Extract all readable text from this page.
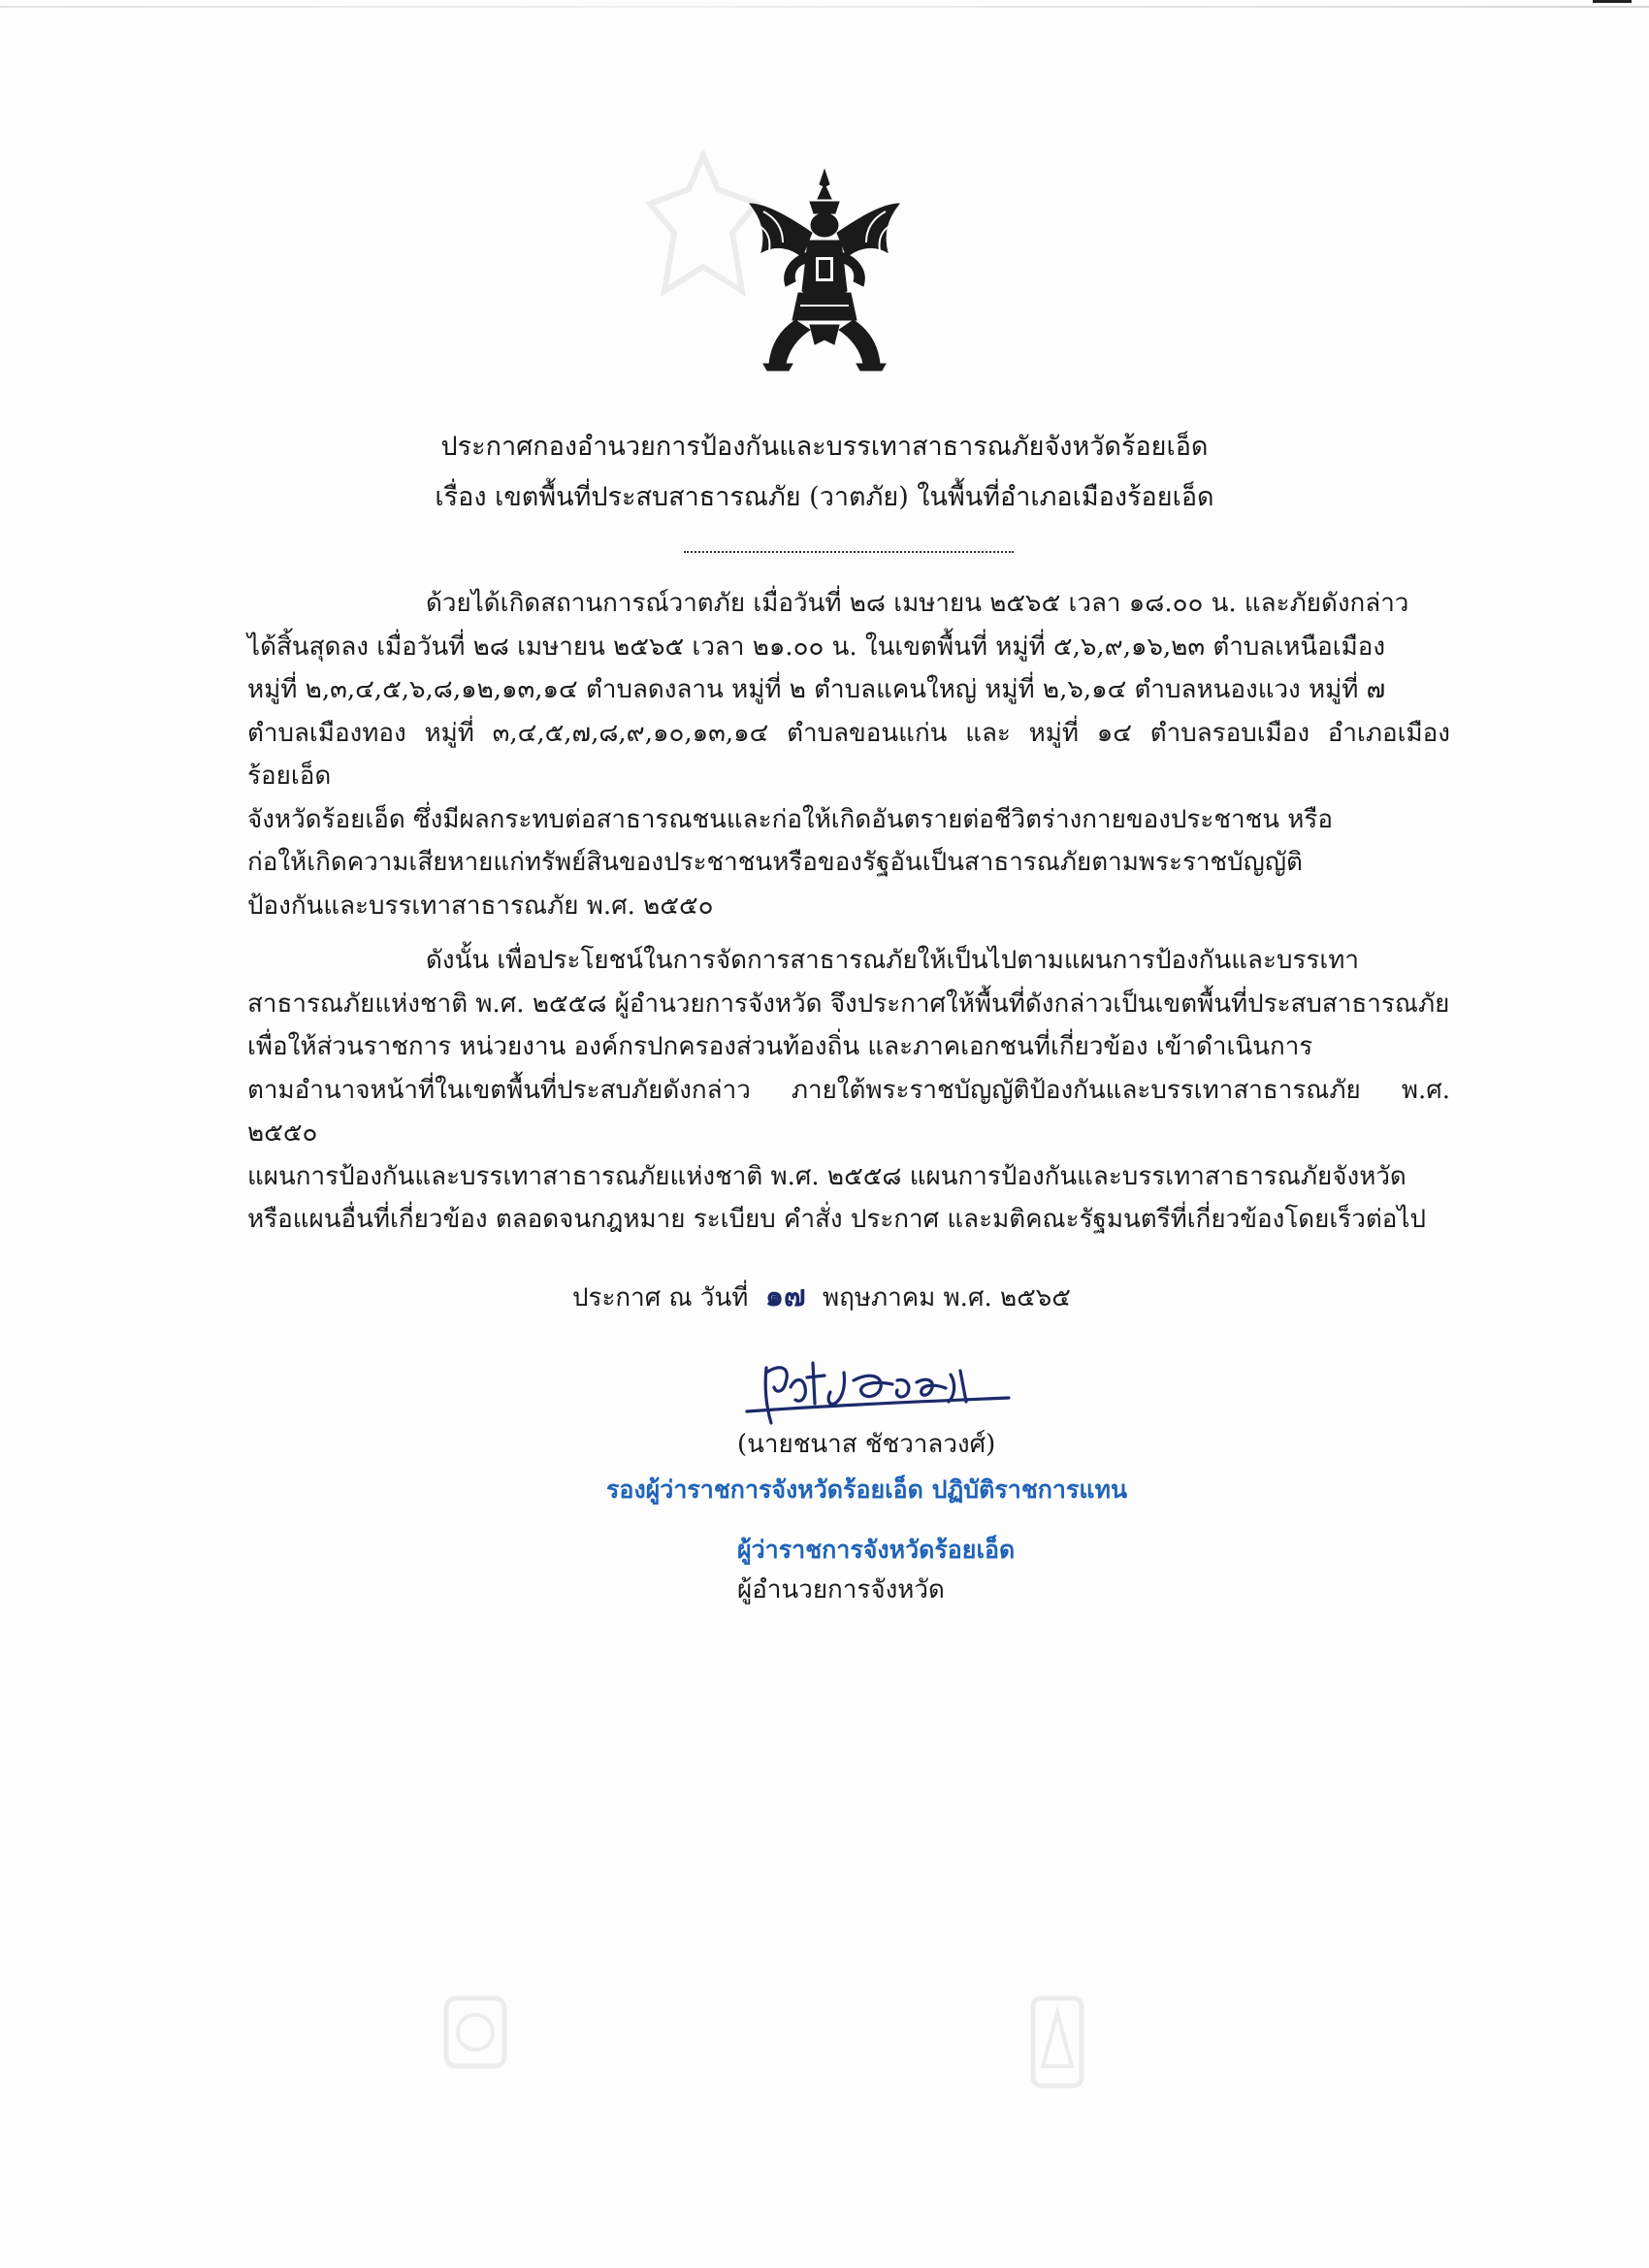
ประกาศกองอำนวยการป้องกันและบรรเทาสาธารณภัยจังหวัดร้อยเอ็ด
เรื่อง เขตพื้นที่ประสบสาธารณภัย (วาตภัย) ในพื้นที่อำเภอเมืองร้อยเอ็ด
ด้วยได้เกิดสถานการณ์วาตภัย เมื่อวันที่ ๒๘ เมษายน ๒๕๖๕ เวลา ๑๘.๐๐ น. และภัยดังกล่าว
ได้สิ้นสุดลง เมื่อวันที่ ๒๘ เมษายน ๒๕๖๕ เวลา ๒๑.๐๐ น. ในเขตพื้นที่ หมู่ที่ ๕,๖,๙,๑๖,๒๓ ตำบลเหนือเมือง
หมู่ที่ ๒,๓,๔,๕,๖,๘,๑๒,๑๓,๑๔ ตำบลดงลาน หมู่ที่ ๒ ตำบลแคนใหญ่ หมู่ที่ ๒,๖,๑๔ ตำบลหนองแวง หมู่ที่ ๗
ตำบลเมืองทอง หมู่ที่ ๓,๔,๕,๗,๘,๙,๑๐,๑๓,๑๔ ตำบลขอนแก่น และ หมู่ที่ ๑๔ ตำบลรอบเมือง อำเภอเมืองร้อยเอ็ด
จังหวัดร้อยเอ็ด ซึ่งมีผลกระทบต่อสาธารณชนและก่อให้เกิดอันตรายต่อชีวิตร่างกายของประชาชน หรือ
ก่อให้เกิดความเสียหายแก่ทรัพย์สินของประชาชนหรือของรัฐอันเป็นสาธารณภัยตามพระราชบัญญัติ
ป้องกันและบรรเทาสาธารณภัย พ.ศ. ๒๕๕๐
ดังนั้น เพื่อประโยชน์ในการจัดการสาธารณภัยให้เป็นไปตามแผนการป้องกันและบรรเทา
สาธารณภัยแห่งชาติ พ.ศ. ๒๕๕๘ ผู้อำนวยการจังหวัด จึงประกาศให้พื้นที่ดังกล่าวเป็นเขตพื้นที่ประสบสาธารณภัย
เพื่อให้ส่วนราชการ หน่วยงาน องค์กรปกครองส่วนท้องถิ่น และภาคเอกชนที่เกี่ยวข้อง เข้าดำเนินการ
ตามอำนาจหน้าที่ในเขตพื้นที่ประสบภัยดังกล่าว ภายใต้พระราชบัญญัติป้องกันและบรรเทาสาธารณภัย พ.ศ. ๒๕๕๐
แผนการป้องกันและบรรเทาสาธารณภัยแห่งชาติ พ.ศ. ๒๕๕๘ แผนการป้องกันและบรรเทาสาธารณภัยจังหวัด
หรือแผนอื่นที่เกี่ยวข้อง ตลอดจนกฎหมาย ระเบียบ คำสั่ง ประกาศ และมติคณะรัฐมนตรีที่เกี่ยวข้องโดยเร็วต่อไป
ประกาศ ณ วันที่ ๑๗ พฤษภาคม พ.ศ. ๒๕๖๕
(นายชนาส ชัชวาลวงศ์)
รองผู้ว่าราชการจังหวัดร้อยเอ็ด ปฏิบัติราชการแทน
ผู้ว่าราชการจังหวัดร้อยเอ็ด
ผู้อำนวยการจังหวัด
